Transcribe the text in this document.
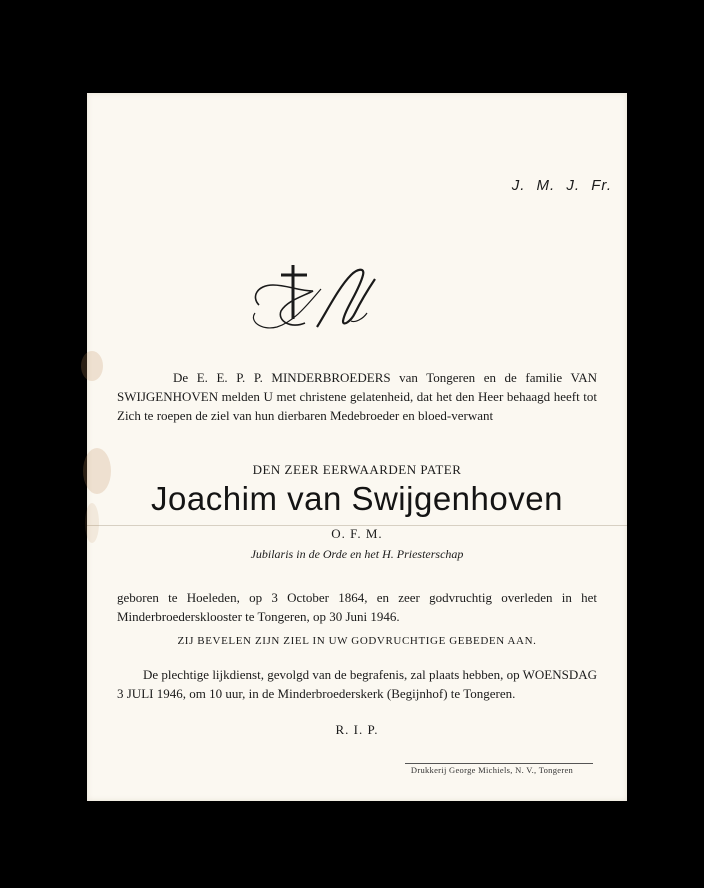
J. M. J. Fr.

De E. E. P. P. MINDERBROEDERS van Tongeren en de familie VAN SWIJGENHOVEN melden U met christene gelatenheid, dat het den Heer behaagd heeft tot Zich te roepen de ziel van hun dierbaren Medebroeder en bloed-verwant

DEN ZEER EERWAARDEN PATER

Joachim van Swijgenhoven

O. F. M.

Jubilaris in de Orde en het H. Priesterschap

geboren te Hoeleden, op 3 October 1864, en zeer godvruchtig overleden in het Minderbroedersklooster te Tongeren, op 30 Juni 1946.

ZIJ BEVELEN ZIJN ZIEL IN UW GODVRUCHTIGE GEBEDEN AAN.

De plechtige lijkdienst, gevolgd van de begrafenis, zal plaats hebben, op WOENSDAG 3 JULI 1946, om 10 uur, in de Minderbroederskerk (Begijnhof) te Tongeren.

R. I. P.

Drukkerij George Michiels, N. V., Tongeren
